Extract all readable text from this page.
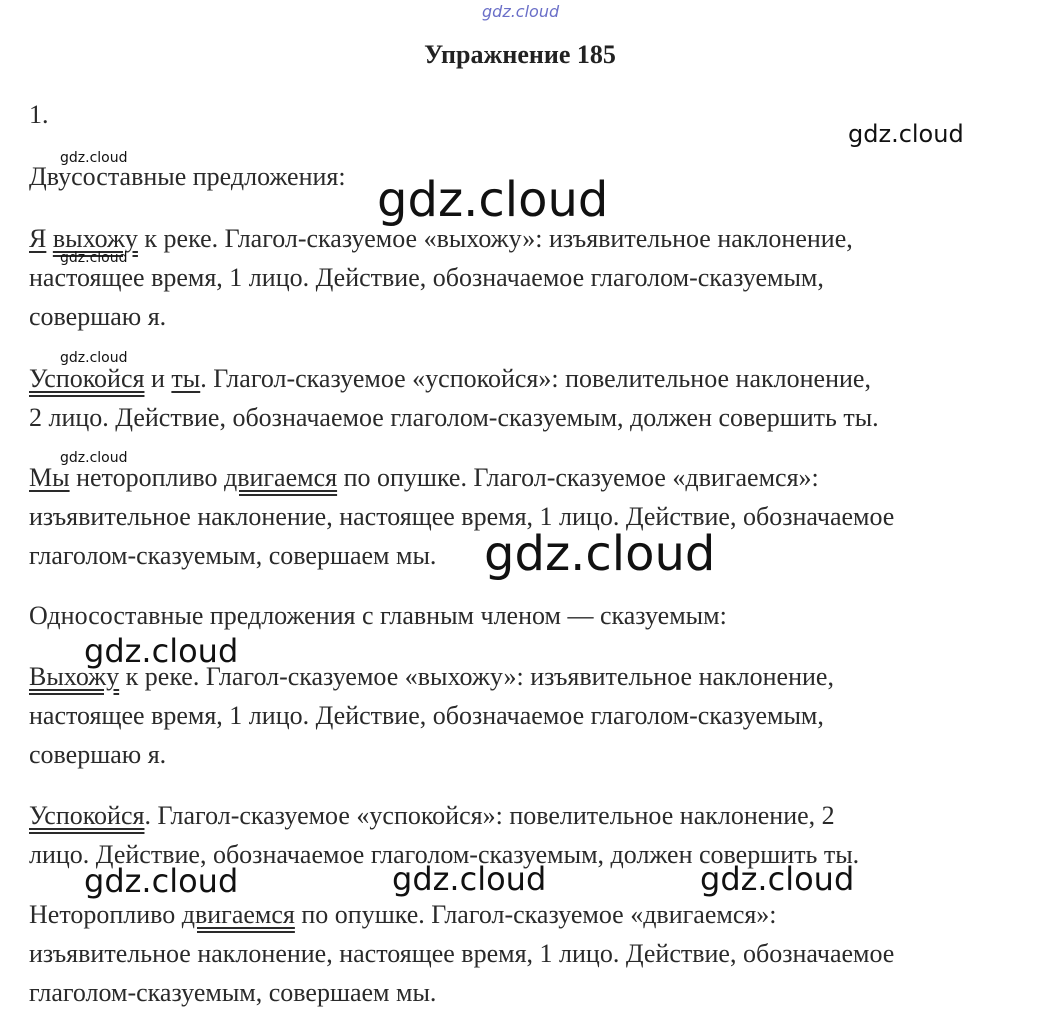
gdz.cloud
Упражнение 185
1.
Двусоставные предложения:
Я выхожу к реке. Глагол-сказуемое «выхожу»: изъявительное наклонение,
настоящее время, 1 лицо. Действие, обозначаемое глаголом-сказуемым,
совершаю я.
Успокойся и ты. Глагол-сказуемое «успокойся»: повелительное наклонение,
2 лицо. Действие, обозначаемое глаголом-сказуемым, должен совершить ты.
Мы неторопливо двигаемся по опушке. Глагол-сказуемое «двигаемся»:
изъявительное наклонение, настоящее время, 1 лицо. Действие, обозначаемое
глаголом-сказуемым, совершаем мы.
Односоставные предложения с главным членом — сказуемым:
Выхожу к реке. Глагол-сказуемое «выхожу»: изъявительное наклонение,
настоящее время, 1 лицо. Действие, обозначаемое глаголом-сказуемым,
совершаю я.
Успокойся. Глагол-сказуемое «успокойся»: повелительное наклонение, 2
лицо. Действие, обозначаемое глаголом-сказуемым, должен совершить ты.
Неторопливо двигаемся по опушке. Глагол-сказуемое «двигаемся»:
изъявительное наклонение, настоящее время, 1 лицо. Действие, обозначаемое
глаголом-сказуемым, совершаем мы.
gdz.cloud
gdz.cloud
gdz.cloud
gdz.cloud
gdz.cloud
gdz.cloud
gdz.cloud
gdz.cloud
gdz.cloud	gdz.cloud	gdz.cloud
